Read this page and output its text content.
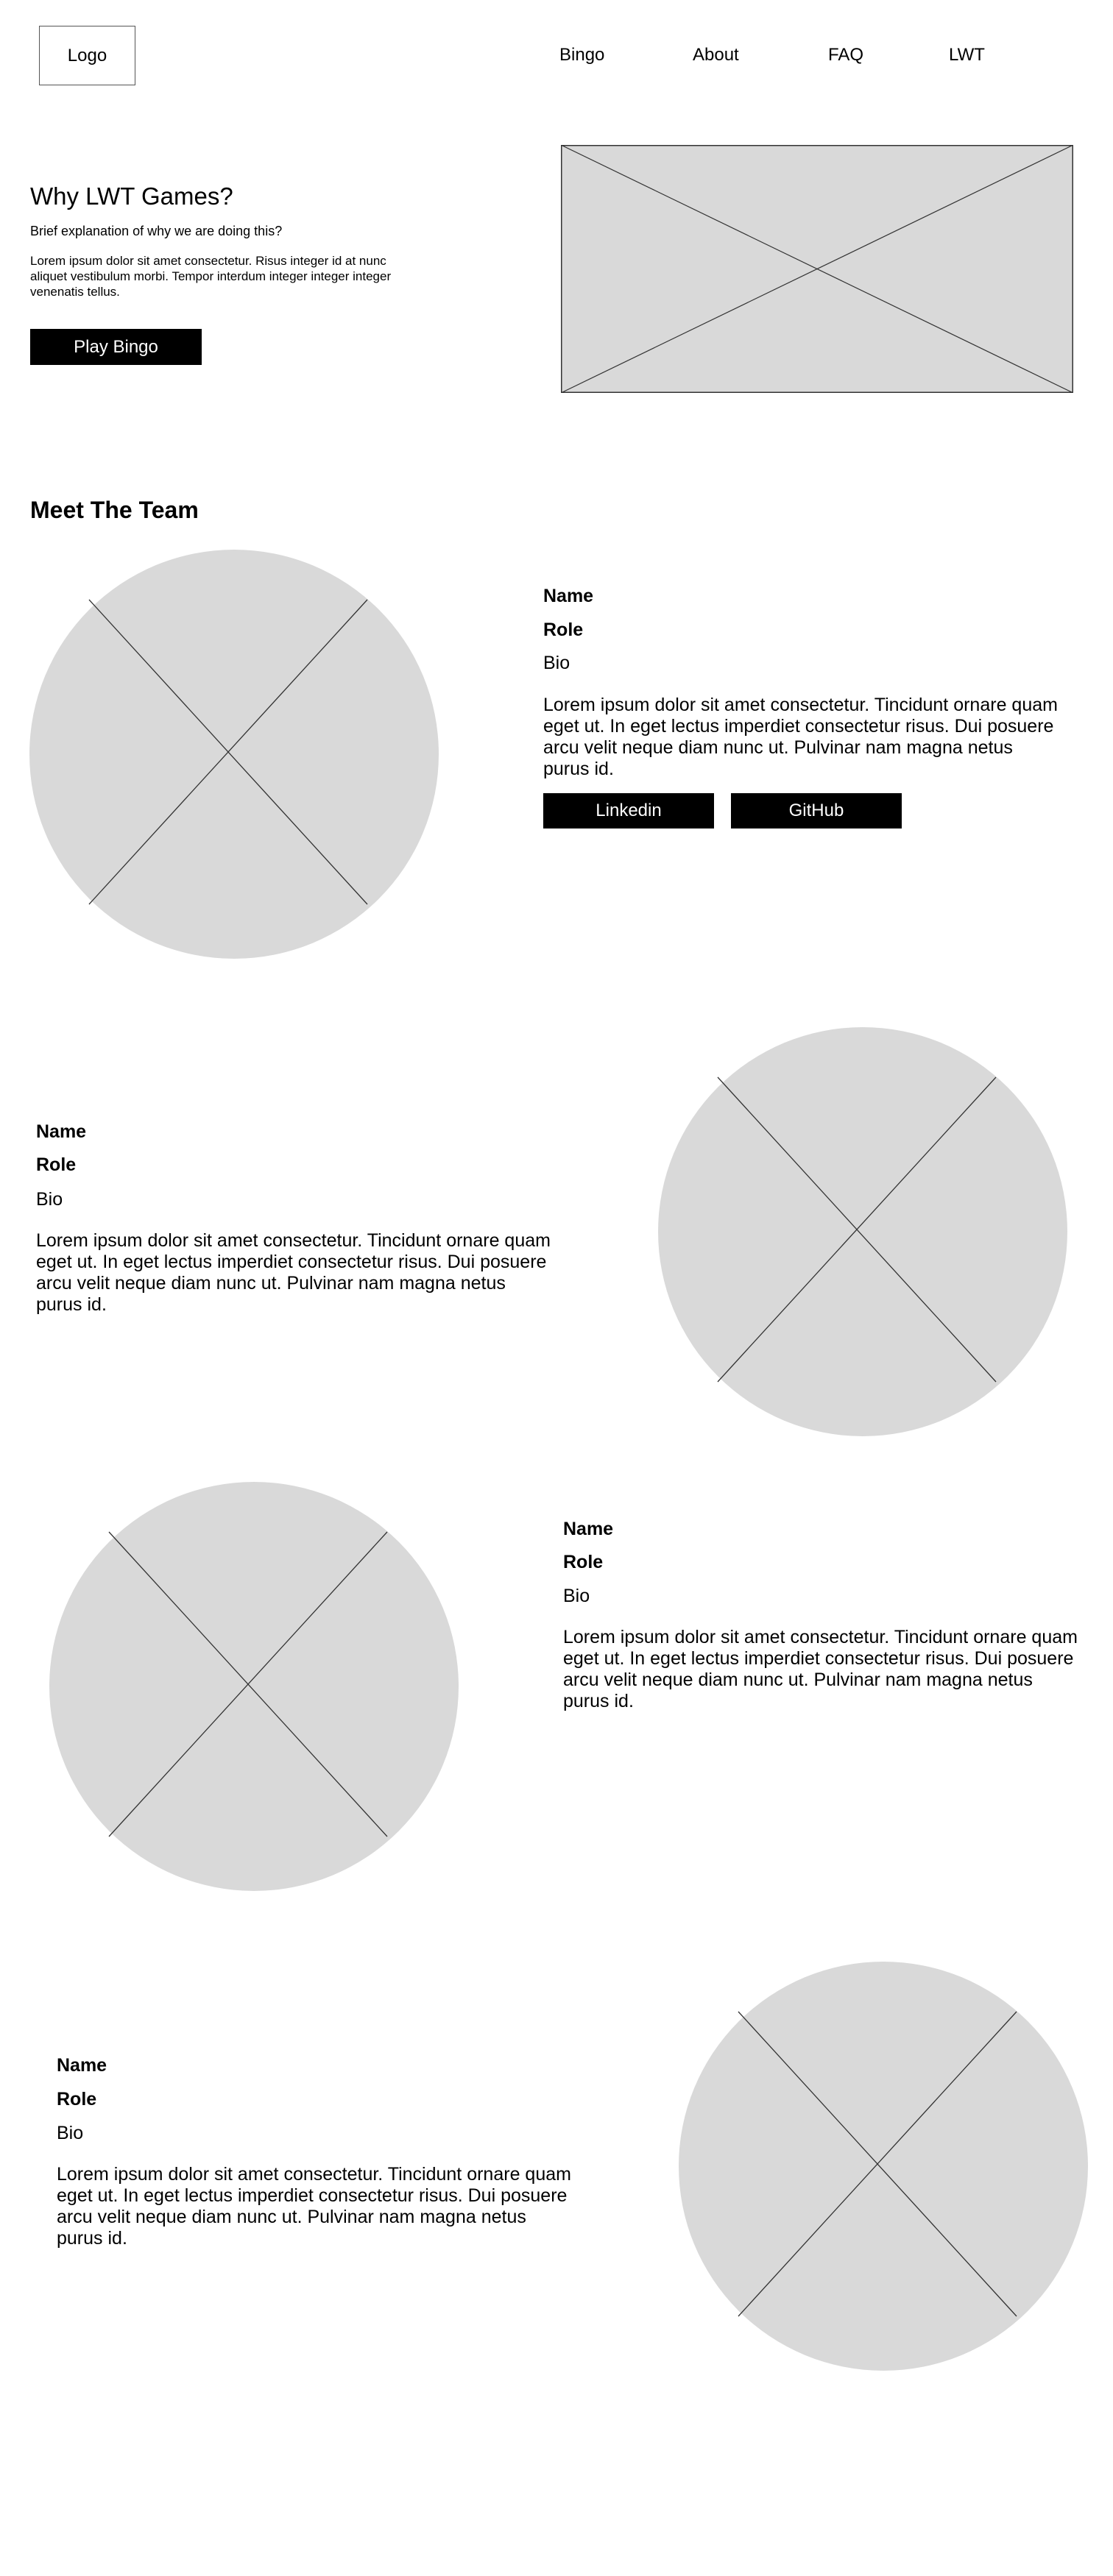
Logo	Bingo	About	FAQ	LWT
Why LWT Games?
Brief explanation of why we are doing this?
Lorem ipsum dolor sit amet consectetur. Risus integer id at nunc aliquet vestibulum morbi. Tempor interdum integer integer integer venenatis tellus.
Play Bingo
Meet The Team
Name
Role
Bio
Lorem ipsum dolor sit amet consectetur. Tincidunt ornare quam eget ut. In eget lectus imperdiet consectetur risus. Dui posuere arcu velit neque diam nunc ut. Pulvinar nam magna netus purus id.
Linkedin	GitHub
Name
Role
Bio
Lorem ipsum dolor sit amet consectetur. Tincidunt ornare quam eget ut. In eget lectus imperdiet consectetur risus. Dui posuere arcu velit neque diam nunc ut. Pulvinar nam magna netus purus id.
Name
Role
Bio
Lorem ipsum dolor sit amet consectetur. Tincidunt ornare quam eget ut. In eget lectus imperdiet consectetur risus. Dui posuere arcu velit neque diam nunc ut. Pulvinar nam magna netus purus id.
Name
Role
Bio
Lorem ipsum dolor sit amet consectetur. Tincidunt ornare quam eget ut. In eget lectus imperdiet consectetur risus. Dui posuere arcu velit neque diam nunc ut. Pulvinar nam magna netus purus id.
